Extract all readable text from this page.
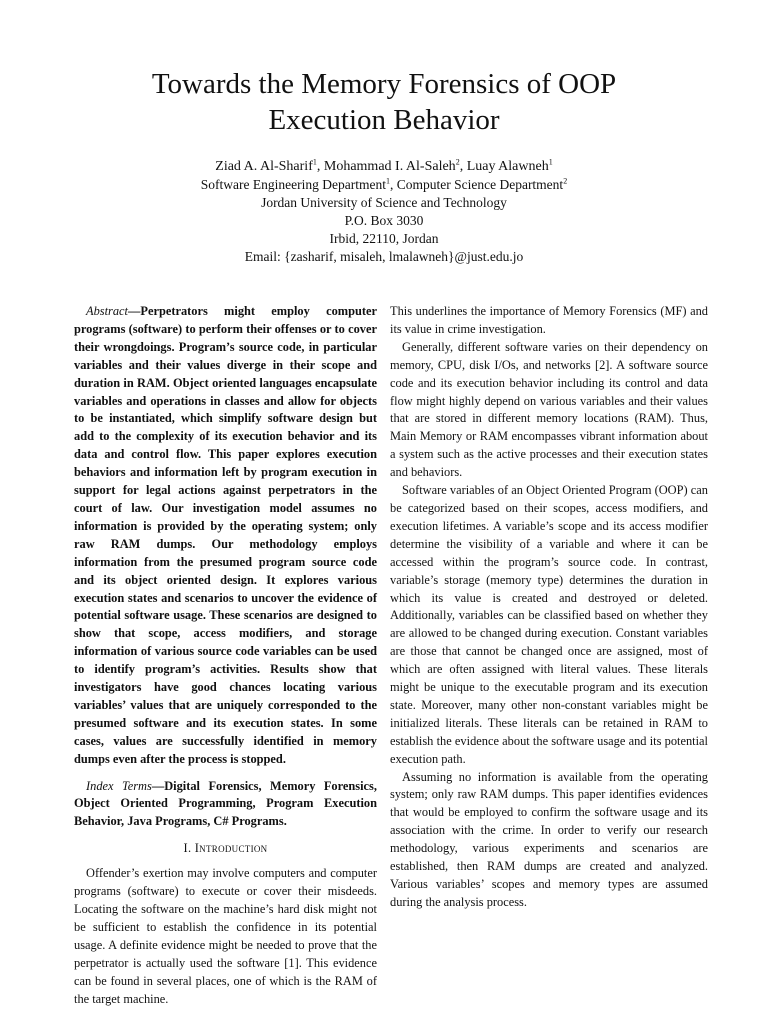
Towards the Memory Forensics of OOP
Execution Behavior
Ziad A. Al-Sharif$^1$, Mohammad I. Al-Saleh$^2$, Luay Alawneh$^1$
Software Engineering Department$^1$, Computer Science Department$^2$
Jordan University of Science and Technology
P.O. Box 3030
Irbid, 22110, Jordan
Email: {zasharif, misaleh, lmalawneh}@just.edu.jo

Abstract—Perpetrators might employ computer programs (software) to perform their offenses or to cover their wrongdoings. Program’s source code, in particular variables and their values diverge in their scope and duration in RAM. Object oriented languages encapsulate variables and operations in classes and allow for objects to be instantiated, which simplify software design but add to the complexity of its execution behavior and its data and control flow. This paper explores execution behaviors and information left by program execution in support for legal actions against perpetrators in the court of law. Our investigation model assumes no information is provided by the operating system; only raw RAM dumps. Our methodology employs information from the presumed program source code and its object oriented design. It explores various execution states and scenarios to uncover the evidence of potential software usage. These scenarios are designed to show that scope, access modifiers, and storage information of various source code variables can be used to identify program’s activities. Results show that investigators have good chances locating various variables’ values that are uniquely corresponded to the presumed software and its execution states. In some cases, values are successfully identified in memory dumps even after the process is stopped.

Index Terms—Digital Forensics, Memory Forensics, Object Oriented Programming, Program Execution Behavior, Java Programs, C# Programs.

I. Introduction

Offender’s exertion may involve computers and computer programs (software) to execute or cover their misdeeds. Locating the software on the machine’s hard disk might not be sufficient to establish the confidence in its potential usage. A definite evidence might be needed to prove that the perpetrator is actually used the software [1]. This evidence can be found in several places, one of which is the RAM of the target machine.

This underlines the importance of Memory Forensics (MF) and its value in crime investigation.

Generally, different software varies on their dependency on memory, CPU, disk I/Os, and networks [2]. A software source code and its execution behavior including its control and data flow might highly depend on various variables and their values that are stored in different memory locations (RAM). Thus, Main Memory or RAM encompasses vibrant information about a system such as the active processes and their execution states and behaviors.

Software variables of an Object Oriented Program (OOP) can be categorized based on their scopes, access modifiers, and execution lifetimes. A variable’s scope and its access modifier determine the visibility of a variable and where it can be accessed within the program’s source code. In contrast, variable’s storage (memory type) determines the duration in which its value is created and destroyed or deleted. Additionally, variables can be classified based on whether they are allowed to be changed during execution. Constant variables are those that cannot be changed once are assigned, most of which are often assigned with literal values. These literals might be unique to the executable program and its execution state. Moreover, many other non-constant variables might be initialized literals. These literals can be retained in RAM to establish the evidence about the software usage and its potential execution path.

Assuming no information is available from the operating system; only raw RAM dumps. This paper identifies evidences that would be employed to confirm the software usage and its association with the crime. In order to verify our research methodology, various experiments and scenarios are established, then RAM dumps are created and analyzed. Various variables’ scopes and memory types are assumed during the analysis process.
